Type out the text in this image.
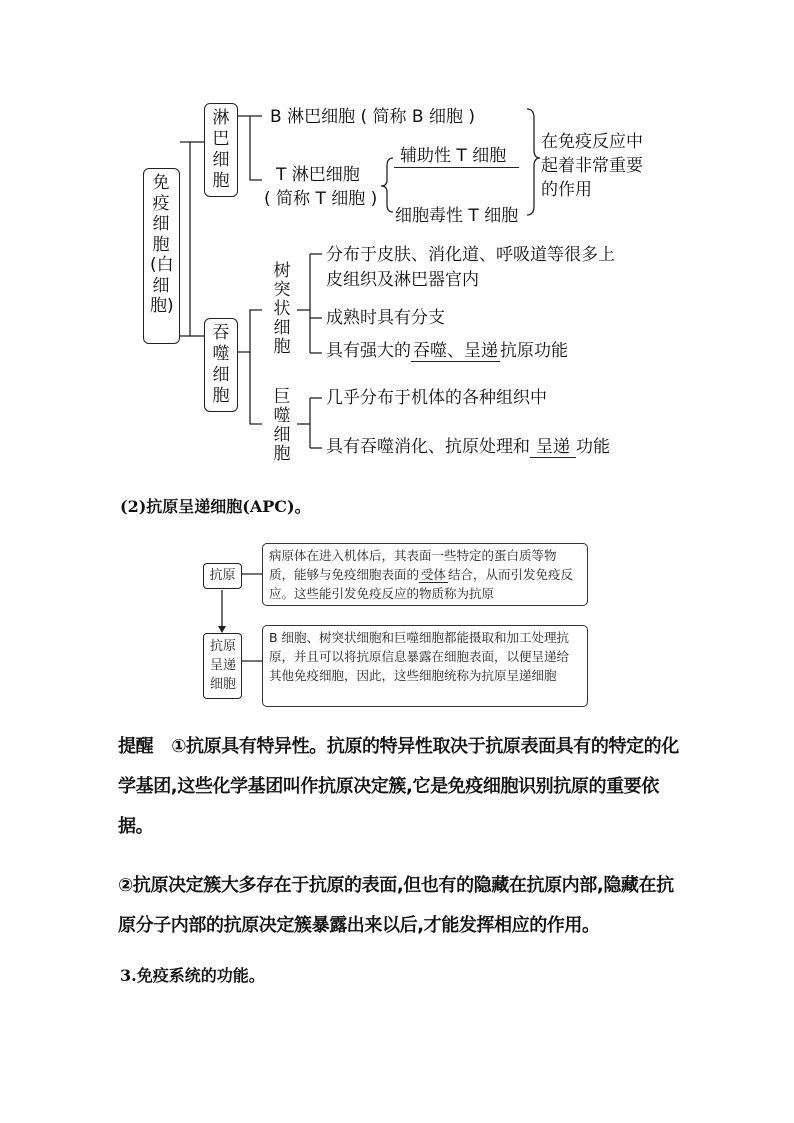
免疫细胞(白细胞)
淋巴细胞
B 淋巴细胞 ( 简称 B 细胞 )
T 淋巴细胞
( 简称 T 细胞 )
辅助性 T 细胞
细胞毒性 T 细胞
在免疫反应中
起着非常重要
的作用
吞噬细胞
树突状细胞
分布于皮肤、消化道、呼吸道等很多上
皮组织及淋巴器官内
成熟时具有分支
具有强大的 吞噬、呈递 抗原功能
巨噬细胞
几乎分布于机体的各种组织中
具有吞噬消化、抗原处理和 呈递 功能
(2)抗原呈递细胞(APC)。
抗原
病原体在进入机体后，其表面一些特定的蛋白质等物质，能够与免疫细胞表面的 受体 结合，从而引发免疫反应。这些能引发免疫反应的物质称为抗原
抗原呈递细胞
B 细胞、树突状细胞和巨噬细胞都能摄取和加工处理抗原，并且可以将抗原信息暴露在细胞表面，以便呈递给其他免疫细胞，因此，这些细胞统称为抗原呈递细胞
提醒 ①抗原具有特异性。抗原的特异性取决于抗原表面具有的特定的化学基团,这些化学基团叫作抗原决定簇,它是免疫细胞识别抗原的重要依据。
②抗原决定簇大多存在于抗原的表面,但也有的隐藏在抗原内部,隐藏在抗原分子内部的抗原决定簇暴露出来以后,才能发挥相应的作用。
3.免疫系统的功能。
